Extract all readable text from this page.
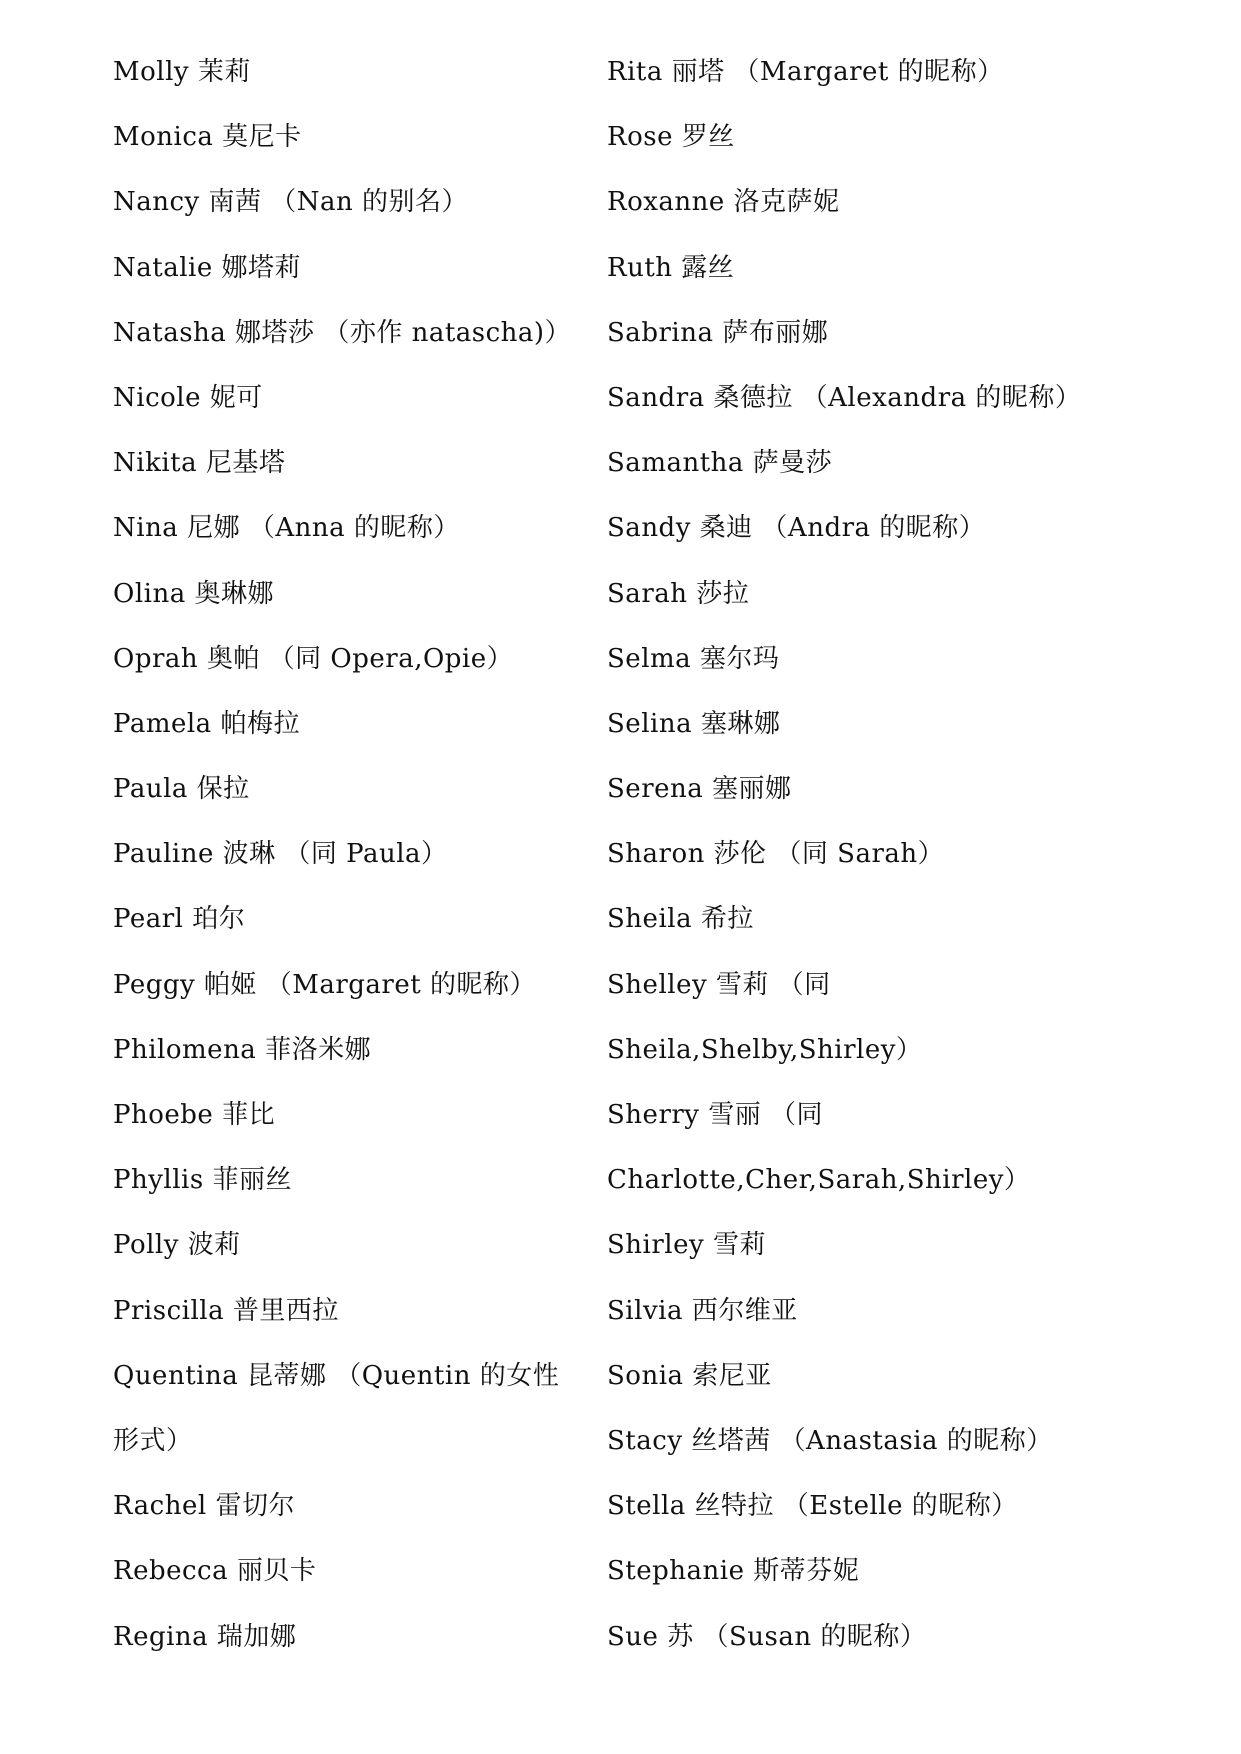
Molly 茉莉
Monica 莫尼卡
Nancy 南茜 （Nan 的别名）
Natalie 娜塔莉
Natasha 娜塔莎 （亦作 natascha)）
Nicole 妮可
Nikita 尼基塔
Nina 尼娜 （Anna 的昵称）
Olina 奥琳娜
Oprah 奥帕 （同 Opera,Opie）
Pamela 帕梅拉
Paula 保拉
Pauline 波琳 （同 Paula）
Pearl 珀尔
Peggy 帕姬 （Margaret 的昵称）
Philomena 菲洛米娜
Phoebe 菲比
Phyllis 菲丽丝
Polly 波莉
Priscilla 普里西拉
Quentina 昆蒂娜 （Quentin 的女性
形式）
Rachel 雷切尔
Rebecca 丽贝卡
Regina 瑞加娜
Rita 丽塔 （Margaret 的昵称）
Rose 罗丝
Roxanne 洛克萨妮
Ruth 露丝
Sabrina 萨布丽娜
Sandra 桑德拉 （Alexandra 的昵称）
Samantha 萨曼莎
Sandy 桑迪 （Andra 的昵称）
Sarah 莎拉
Selma 塞尔玛
Selina 塞琳娜
Serena 塞丽娜
Sharon 莎伦 （同 Sarah）
Sheila 希拉
Shelley 雪莉 （同
Sheila,Shelby,Shirley）
Sherry 雪丽 （同
Charlotte,Cher,Sarah,Shirley）
Shirley 雪莉
Silvia 西尔维亚
Sonia 索尼亚
Stacy 丝塔茜 （Anastasia 的昵称）
Stella 丝特拉 （Estelle 的昵称）
Stephanie 斯蒂芬妮
Sue 苏 （Susan 的昵称）
